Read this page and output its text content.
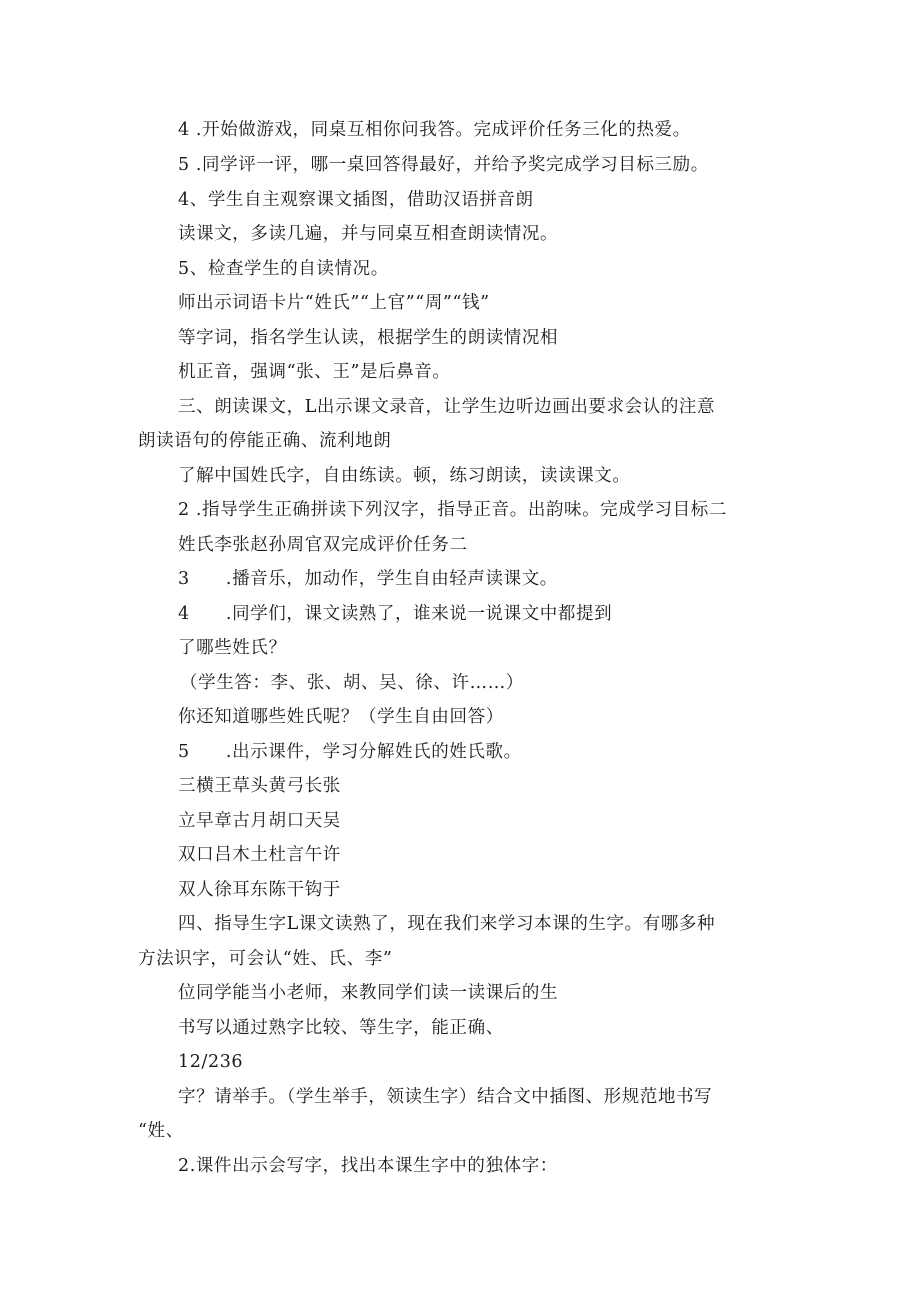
4 .开始做游戏，同桌互相你问我答。完成评价任务三化的热爱。

5 .同学评一评，哪一桌回答得最好，并给予奖完成学习目标三励。

4、学生自主观察课文插图，借助汉语拼音朗

读课文，多读几遍，并与同桌互相查朗读情况。

5、检查学生的自读情况。

师出示词语卡片“姓氏”“上官”“周”“钱”

等字词，指名学生认读，根据学生的朗读情况相

机正音，强调“张、王”是后鼻音。

三、朗读课文，L出示课文录音，让学生边听边画出要求会认的注意

朗读语句的停能正确、流利地朗

了解中国姓氏字，自由练读。顿，练习朗读，读读课文。

2 .指导学生正确拼读下列汉字，指导正音。出韵味。完成学习目标二

姓氏李张赵孙周官双完成评价任务二

3　　.播音乐，加动作，学生自由轻声读课文。

4　　.同学们，课文读熟了，谁来说一说课文中都提到

了哪些姓氏？

（学生答：李、张、胡、吴、徐、许……）

你还知道哪些姓氏呢？（学生自由回答）

5　　.出示课件，学习分解姓氏的姓氏歌。

三横王草头黄弓长张

立早章古月胡口天吴

双口吕木土杜言午许

双人徐耳东陈干钩于

四、指导生字L课文读熟了，现在我们来学习本课的生字。有哪多种

方法识字，可会认“姓、氏、李”

位同学能当小老师，来教同学们读一读课后的生

书写以通过熟字比较、等生字，能正确、

12/236

字？请举手。（学生举手，领读生字）结合文中插图、形规范地书写

“姓、

2.课件出示会写字，找出本课生字中的独体字：
